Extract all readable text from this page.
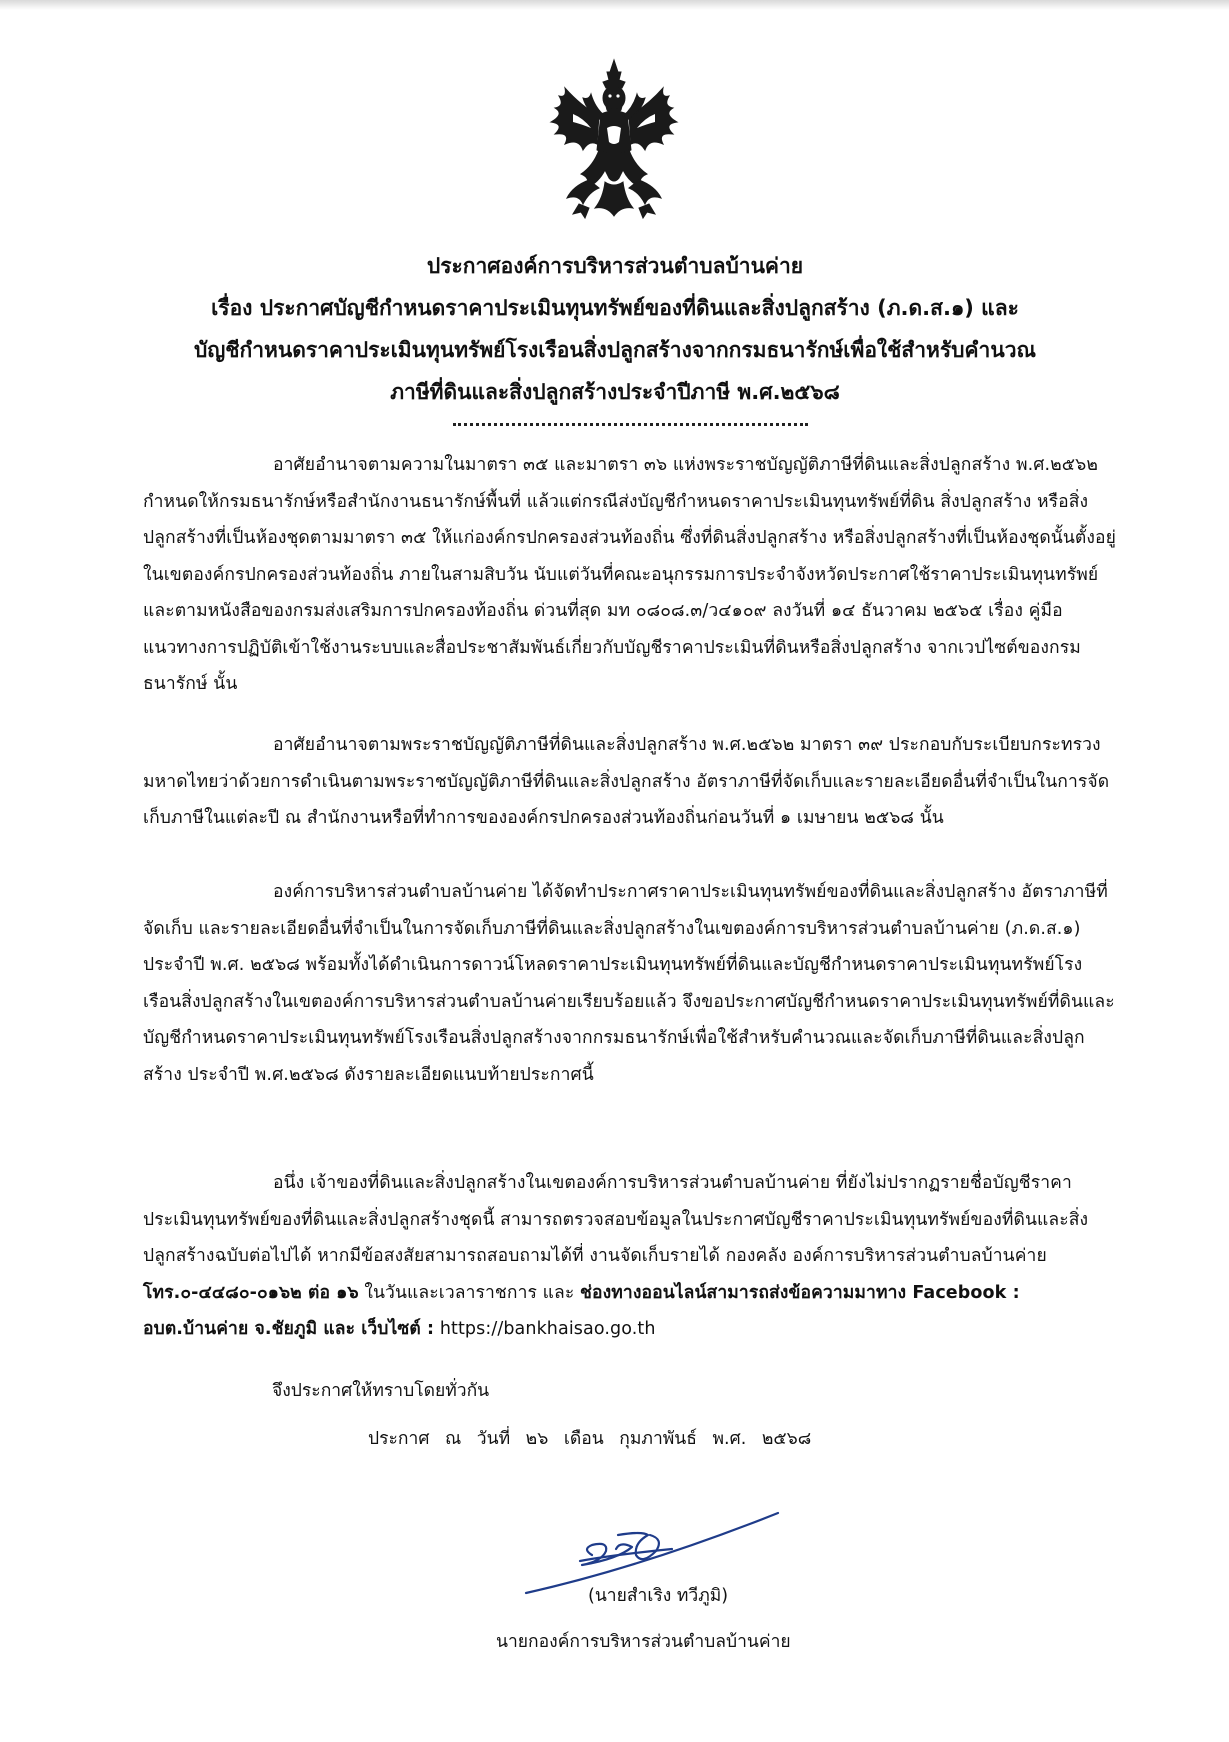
ประกาศองค์การบริหารส่วนตำบลบ้านค่าย

เรื่อง ประกาศบัญชีกำหนดราคาประเมินทุนทรัพย์ของที่ดินและสิ่งปลูกสร้าง (ภ.ด.ส.๑) และ

บัญชีกำหนดราคาประเมินทุนทรัพย์โรงเรือนสิ่งปลูกสร้างจากกรมธนารักษ์เพื่อใช้สำหรับคำนวณ

ภาษีที่ดินและสิ่งปลูกสร้างประจำปีภาษี พ.ศ.๒๕๖๘

อาศัยอำนาจตามความในมาตรา ๓๕ และมาตรา ๓๖ แห่งพระราชบัญญัติภาษีที่ดินและสิ่งปลูกสร้าง พ.ศ.๒๕๖๒ กำหนดให้กรมธนารักษ์หรือสำนักงานธนารักษ์พื้นที่ แล้วแต่กรณีส่งบัญชีกำหนดราคาประเมินทุนทรัพย์ที่ดิน สิ่งปลูกสร้าง หรือสิ่งปลูกสร้างที่เป็นห้องชุดตามมาตรา ๓๕ ให้แก่องค์กรปกครองส่วนท้องถิ่น ซึ่งที่ดินสิ่งปลูกสร้าง หรือสิ่งปลูกสร้างที่เป็นห้องชุดนั้นตั้งอยู่ในเขตองค์กรปกครองส่วนท้องถิ่น ภายในสามสิบวัน นับแต่วันที่คณะอนุกรรมการประจำจังหวัดประกาศใช้ราคาประเมินทุนทรัพย์ และตามหนังสือของกรมส่งเสริมการปกครองท้องถิ่น ด่วนที่สุด มท ๐๘๐๘.๓/ว๔๑๐๙ ลงวันที่ ๑๔ ธันวาคม ๒๕๖๕ เรื่อง คู่มือแนวทางการปฏิบัติเข้าใช้งานระบบและสื่อประชาสัมพันธ์เกี่ยวกับบัญชีราคาประเมินที่ดินหรือสิ่งปลูกสร้าง จากเวปไซต์ของกรมธนารักษ์ นั้น

อาศัยอำนาจตามพระราชบัญญัติภาษีที่ดินและสิ่งปลูกสร้าง พ.ศ.๒๕๖๒ มาตรา ๓๙ ประกอบกับระเบียบกระทรวงมหาดไทยว่าด้วยการดำเนินตามพระราชบัญญัติภาษีที่ดินและสิ่งปลูกสร้าง อัตราภาษีที่จัดเก็บและรายละเอียดอื่นที่จำเป็นในการจัดเก็บภาษีในแต่ละปี ณ สำนักงานหรือที่ทำการขององค์กรปกครองส่วนท้องถิ่นก่อนวันที่ ๑ เมษายน ๒๕๖๘ นั้น

องค์การบริหารส่วนตำบลบ้านค่าย ได้จัดทำประกาศราคาประเมินทุนทรัพย์ของที่ดินและสิ่งปลูกสร้าง อัตราภาษีที่จัดเก็บ และรายละเอียดอื่นที่จำเป็นในการจัดเก็บภาษีที่ดินและสิ่งปลูกสร้างในเขตองค์การบริหารส่วนตำบลบ้านค่าย (ภ.ด.ส.๑) ประจำปี พ.ศ. ๒๕๖๘ พร้อมทั้งได้ดำเนินการดาวน์โหลดราคาประเมินทุนทรัพย์ที่ดินและบัญชีกำหนดราคาประเมินทุนทรัพย์โรงเรือนสิ่งปลูกสร้างในเขตองค์การบริหารส่วนตำบลบ้านค่ายเรียบร้อยแล้ว จึงขอประกาศบัญชีกำหนดราคาประเมินทุนทรัพย์ที่ดินและบัญชีกำหนดราคาประเมินทุนทรัพย์โรงเรือนสิ่งปลูกสร้างจากกรมธนารักษ์เพื่อใช้สำหรับคำนวณและจัดเก็บภาษีที่ดินและสิ่งปลูกสร้าง ประจำปี พ.ศ.๒๕๖๘ ดังรายละเอียดแนบท้ายประกาศนี้

อนึ่ง เจ้าของที่ดินและสิ่งปลูกสร้างในเขตองค์การบริหารส่วนตำบลบ้านค่าย ที่ยังไม่ปรากฏรายชื่อบัญชีราคาประเมินทุนทรัพย์ของที่ดินและสิ่งปลูกสร้างชุดนี้ สามารถตรวจสอบข้อมูลในประกาศบัญชีราคาประเมินทุนทรัพย์ของที่ดินและสิ่งปลูกสร้างฉบับต่อไปได้ หากมีข้อสงสัยสามารถสอบถามได้ที่ งานจัดเก็บรายได้ กองคลัง องค์การบริหารส่วนตำบลบ้านค่าย โทร.๐-๔๔๘๐-๐๑๖๒ ต่อ ๑๖ ในวันและเวลาราชการ และ ช่องทางออนไลน์สามารถส่งข้อความมาทาง Facebook : อบต.บ้านค่าย จ.ชัยภูมิ และ เว็บไซต์ : https://bankhaisao.go.th

จึงประกาศให้ทราบโดยทั่วกัน

ประกาศ ณ วันที่ ๒๖ เดือน กุมภาพันธ์ พ.ศ. ๒๕๖๘

(นายสำเริง ทวีภูมิ)

นายกองค์การบริหารส่วนตำบลบ้านค่าย
